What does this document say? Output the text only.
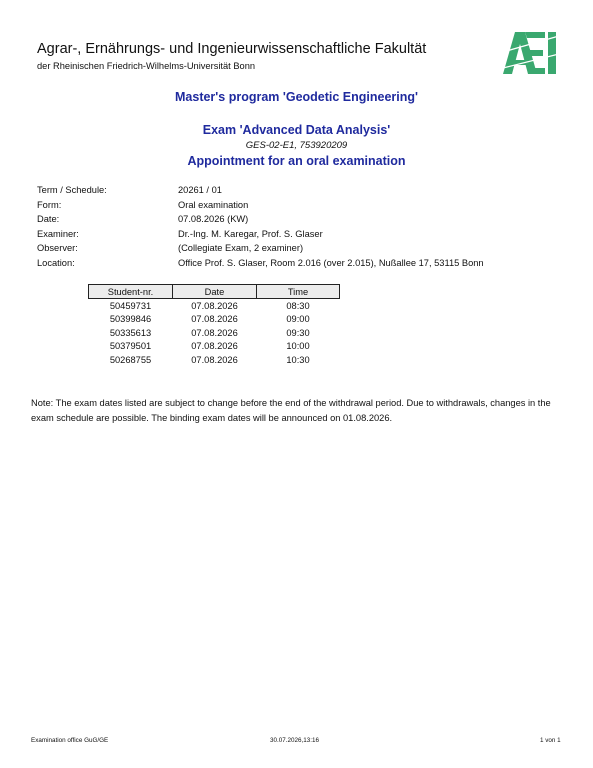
Agrar-, Ernährungs- und Ingenieurwissenschaftliche Fakultät
der Rheinischen Friedrich-Wilhelms-Universität Bonn
Master's program 'Geodetic Engineering'
Exam 'Advanced Data Analysis'
GES-02-E1, 753920209
Appointment for an oral examination
Term / Schedule:	20261 / 01
Form:	Oral examination
Date:	07.08.2026 (KW)
Examiner:	Dr.-Ing. M. Karegar, Prof. S. Glaser
Observer:	(Collegiate Exam, 2 examiner)
Location:	Office Prof. S. Glaser, Room 2.016 (over 2.015), Nußallee 17, 53115 Bonn
Student-nr.	Date	Time
50459731	07.08.2026	08:30
50399846	07.08.2026	09:00
50335613	07.08.2026	09:30
50379501	07.08.2026	10:00
50268755	07.08.2026	10:30
Note: The exam dates listed are subject to change before the end of the withdrawal period. Due to withdrawals, changes in the exam schedule are possible. The binding exam dates will be announced on 01.08.2026.
Examination office GuG/GE	30.07.2026,13:16	1 von 1
